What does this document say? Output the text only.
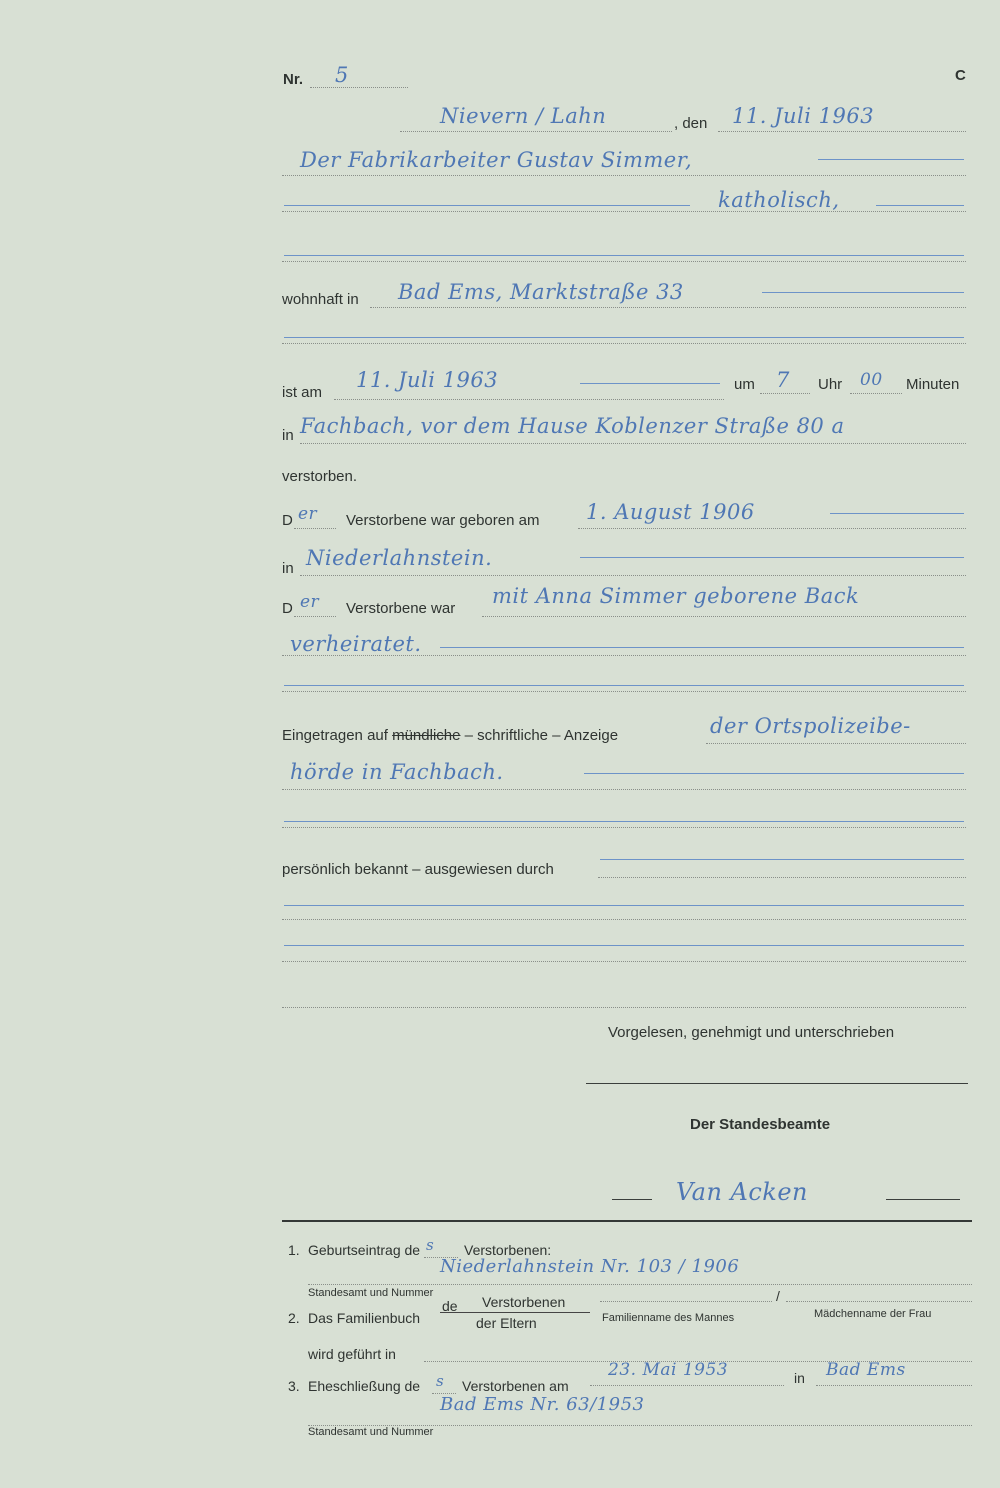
Nr. 5	C
Nievern / Lahn	, den 11. Juli 1963
Der Fabrikarbeiter Gustav Simmer,
katholisch,
wohnhaft in Bad Ems, Marktstraße 33
ist am
11. Juli 1963	um 7 Uhr 00 Minuten
in Fachbach, vor dem Hause Koblenzer Straße 80 a
verstorben.
D er Verstorbene war geboren am 1. August 1906
in Niederlahnstein.
D er Verstorbene war
mit Anna Simmer geborene Back
verheiratet.
Eingetragen auf mündliche – schriftliche – Anzeige	der Ortspolizeibe-
hörde in Fachbach.
persönlich bekannt – ausgewiesen durch
Vorgelesen, genehmigt und unterschrieben
Der Standesbeamte
Van Acken
1. Geburtseintrag de s Verstorbenen:
Niederlahnstein Nr. 103 / 1906
Standesamt und Nummer
2. Das Familienbuch
de Verstorbenen
der Eltern	Familienname des Mannes
/
Mädchenname der Frau
wird geführt in
3. Eheschließung de s Verstorbenen am
23. Mai 1953	in Bad Ems
Bad Ems Nr. 63/1953
Standesamt und Nummer
